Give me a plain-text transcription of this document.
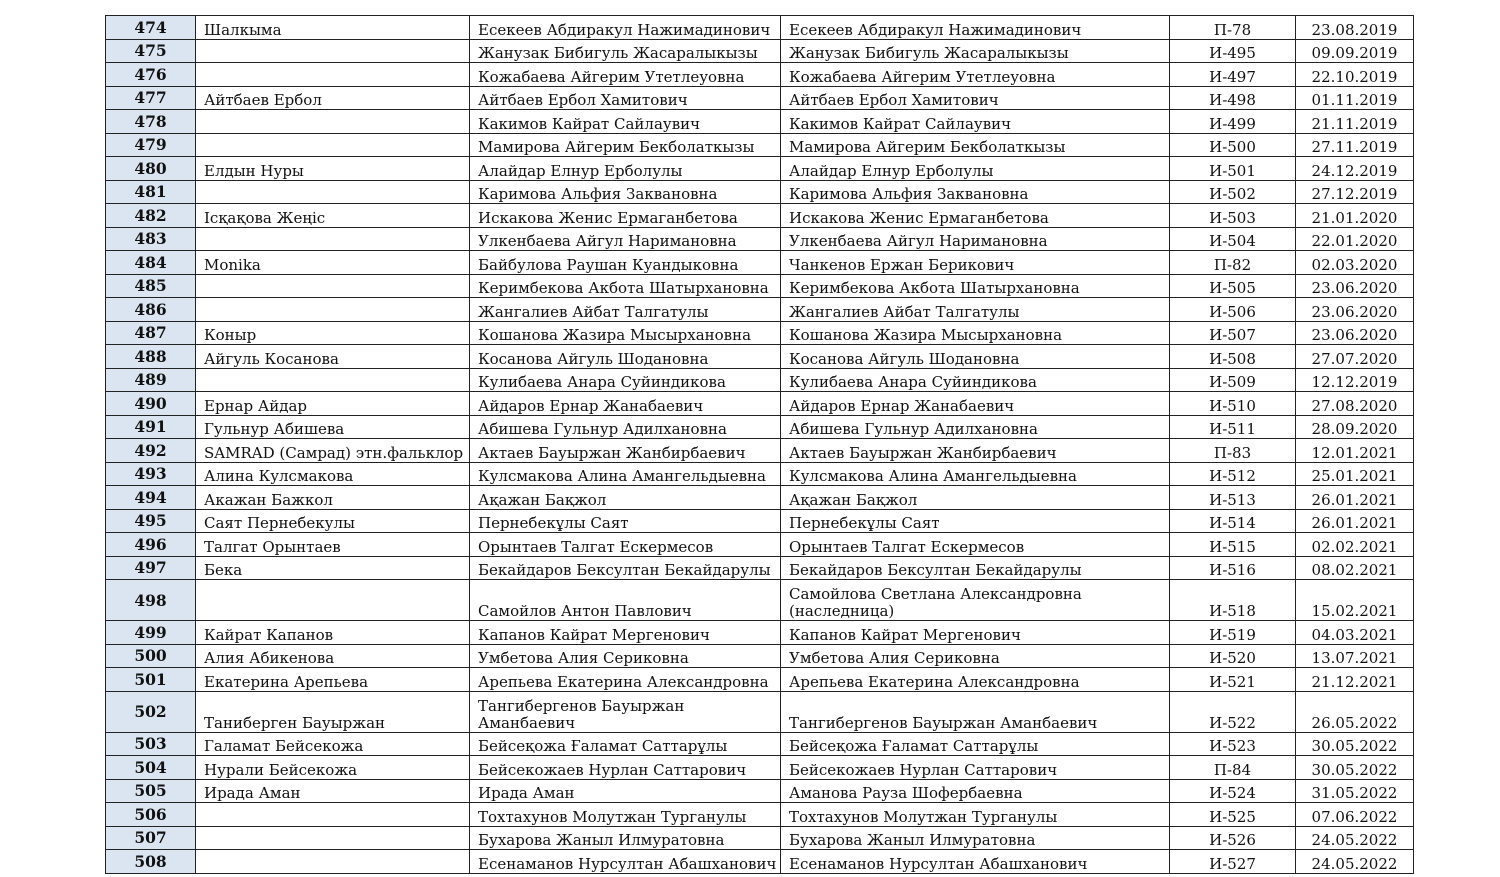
474	Шалкыма	Есекеев Абдиракул Нажимадинович	Есекеев Абдиракул Нажимадинович	П-78	23.08.2019
475		Жанузак Бибигуль Жасаралыкызы	Жанузак Бибигуль Жасаралыкызы	И-495	09.09.2019
476		Кожабаева Айгерим Утетлеуовна	Кожабаева Айгерим Утетлеуовна	И-497	22.10.2019
477	Айтбаев Ербол	Айтбаев Ербол Хамитович	Айтбаев Ербол Хамитович	И-498	01.11.2019
478		Какимов Кайрат Сайлаувич	Какимов Кайрат Сайлаувич	И-499	21.11.2019
479		Мамирова Айгерим Бекболаткызы	Мамирова Айгерим Бекболаткызы	И-500	27.11.2019
480	Елдын Нуры	Алайдар Елнур Ерболулы	Алайдар Елнур Ерболулы	И-501	24.12.2019
481		Каримова Альфия Заквановна	Каримова Альфия Заквановна	И-502	27.12.2019
482	Ісқақова Жеңіс	Искакова Женис Ермаганбетова	Искакова Женис Ермаганбетова	И-503	21.01.2020
483		Улкенбаева Айгул Наримановна	Улкенбаева Айгул Наримановна	И-504	22.01.2020
484	Monika	Байбулова Раушан Куандыковна	Чанкенов Ержан Берикович	П-82	02.03.2020
485		Керимбекова Акбота Шатырхановна	Керимбекова Акбота Шатырхановна	И-505	23.06.2020
486		Жангалиев Айбат Талгатулы	Жангалиев Айбат Талгатулы	И-506	23.06.2020
487	Коныр	Кошанова Жазира Мысырхановна	Кошанова Жазира Мысырхановна	И-507	23.06.2020
488	Айгуль Косанова	Косанова Айгуль Шодановна	Косанова Айгуль Шодановна	И-508	27.07.2020
489		Кулибаева Анара Суйиндикова	Кулибаева Анара Суйиндикова	И-509	12.12.2019
490	Ернар Айдар	Айдаров Ернар Жанабаевич	Айдаров Ернар Жанабаевич	И-510	27.08.2020
491	Гульнур Абишева	Абишева Гульнур Адилхановна	Абишева Гульнур Адилхановна	И-511	28.09.2020
492	SAMRAD (Самрад) этн.фальклор	Актаев Бауыржан Жанбирбаевич	Актаев Бауыржан Жанбирбаевич	П-83	12.01.2021
493	Алина Кулсмакова	Кулсмакова Алина Амангельдыевна	Кулсмакова Алина Амангельдыевна	И-512	25.01.2021
494	Акажан Бажкол	Ақажан Бақжол	Ақажан Бақжол	И-513	26.01.2021
495	Саят Пернебекулы	Пернебекұлы Саят	Пернебекұлы Саят	И-514	26.01.2021
496	Талгат Орынтаев	Орынтаев Талгат Ескермесов	Орынтаев Талгат Ескермесов	И-515	02.02.2021
497	Бека	Бекайдаров Бексултан Бекайдарулы	Бекайдаров Бексултан Бекайдарулы	И-516	08.02.2021
498		Самойлов Антон Павлович	Самойлова Светлана Александровна (наследница)	И-518	15.02.2021
499	Кайрат Капанов	Капанов Кайрат Мергенович	Капанов Кайрат Мергенович	И-519	04.03.2021
500	Алия Абикенова	Умбетова Алия Сериковна	Умбетова Алия Сериковна	И-520	13.07.2021
501	Екатерина Арепьева	Арепьева Екатерина Александровна	Арепьева Екатерина Александровна	И-521	21.12.2021
502	Таниберген Бауыржан	Тангибергенов Бауыржан Аманбаевич	Тангибергенов Бауыржан Аманбаевич	И-522	26.05.2022
503	Галамат Бейсекожа	Бейсеқожа Ғаламат Саттарұлы	Бейсеқожа Ғаламат Саттарұлы	И-523	30.05.2022
504	Нурали Бейсекожа	Бейсекожаев Нурлан Саттарович	Бейсекожаев Нурлан Саттарович	П-84	30.05.2022
505	Ирада Аман	Ирада Аман	Аманова Рауза Шофербаевна	И-524	31.05.2022
506		Тохтахунов Молутжан Турганулы	Тохтахунов Молутжан Турганулы	И-525	07.06.2022
507		Бухарова Жаныл Илмуратовна	Бухарова Жаныл Илмуратовна	И-526	24.05.2022
508		Есенаманов Нурсултан Абашханович	Есенаманов Нурсултан Абашханович	И-527	24.05.2022
